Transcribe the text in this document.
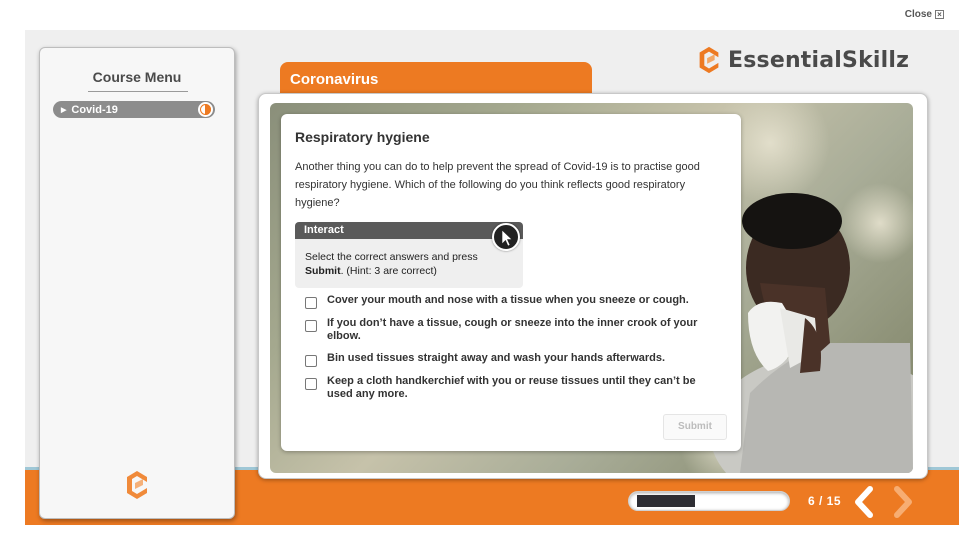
Close ×
Course Menu
▶ Covid-19
Coronavirus
EssentialSkillz
Respiratory hygiene
Another thing you can do to help prevent the spread of Covid-19 is to practise good respiratory hygiene. Which of the following do you think reflects good respiratory hygiene?
Interact
Select the correct answers and press Submit. (Hint: 3 are correct)
Cover your mouth and nose with a tissue when you sneeze or cough.
If you don’t have a tissue, cough or sneeze into the inner crook of your elbow.
Bin used tissues straight away and wash your hands afterwards.
Keep a cloth handkerchief with you or reuse tissues until they can’t be used any more.
Submit
6 / 15
